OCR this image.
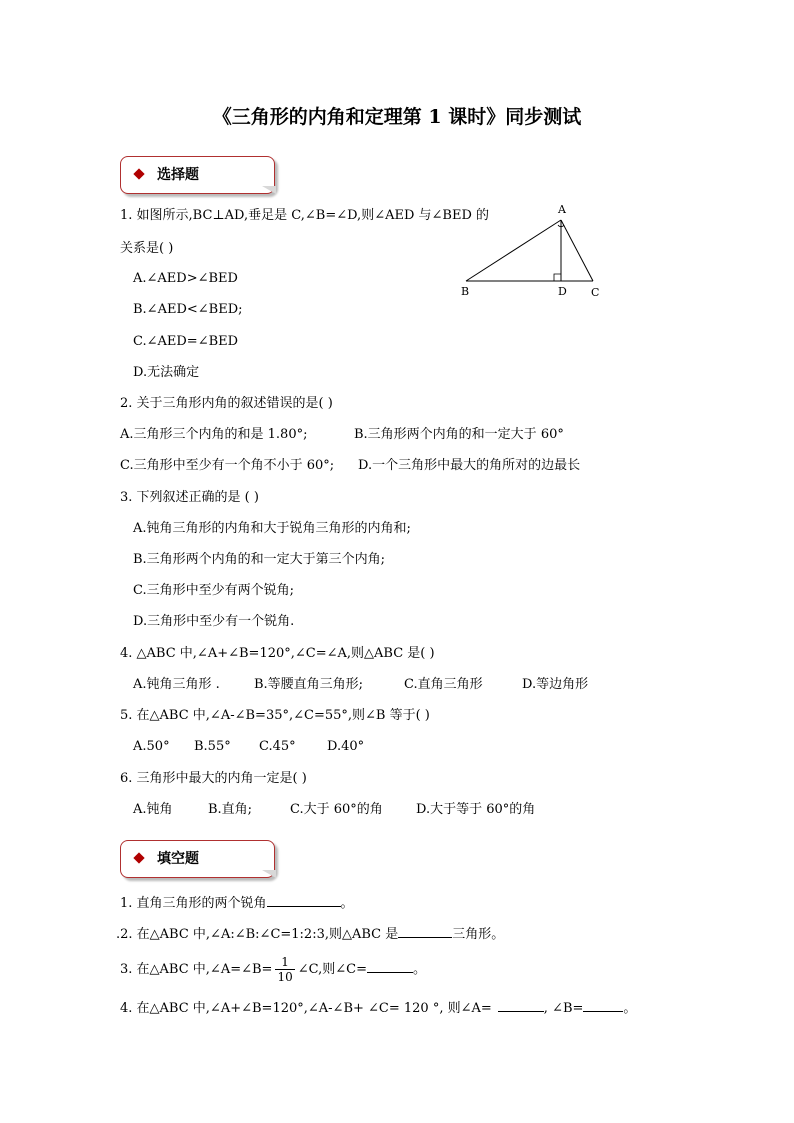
《三角形的内角和定理第 1 课时》同步测试
选择题
1. 如图所示,BC⊥AD,垂足是 C,∠B=∠D,则∠AED 与∠BED 的
关系是( )
A.∠AED>∠BED
B.∠AED<∠BED;
C.∠AED=∠BED
D.无法确定
A
B	D C
2. 关于三角形内角的叙述错误的是( )
A.三角形三个内角的和是 1.80°;	B.三角形两个内角的和一定大于 60°
C.三角形中至少有一个角不小于 60°; D.一个三角形中最大的角所对的边最长
3. 下列叙述正确的是 ( )
A.钝角三角形的内角和大于锐角三角形的内角和;
B.三角形两个内角的和一定大于第三个内角;
C.三角形中至少有两个锐角;
D.三角形中至少有一个锐角.
4. △ABC 中,∠A+∠B=120°,∠C=∠A,则△ABC 是( )
A.钝角三角形 .	B.等腰直角三角形;	C.直角三角形	D.等边角形
5. 在△ABC 中,∠A-∠B=35°,∠C=55°,则∠B 等于( )
A.50° B.55° C.45° D.40°
6. 三角形中最大的内角一定是( )
A.钝角	B.直角;	C.大于 60°的角	D.大于等于 60°的角
填空题
1. 直角三角形的两个锐角	。
.2. 在△ABC 中,∠A:∠B:∠C=1:2:3,则△ABC 是	三角形。
3. 在△ABC 中,∠A=∠B= $\frac{1}{10}$ ∠C,则∠C=	。
4. 在△ABC 中,∠A+∠B=120°,∠A-∠B+ ∠C= 120 °, 则∠A=	, ∠B=	。
